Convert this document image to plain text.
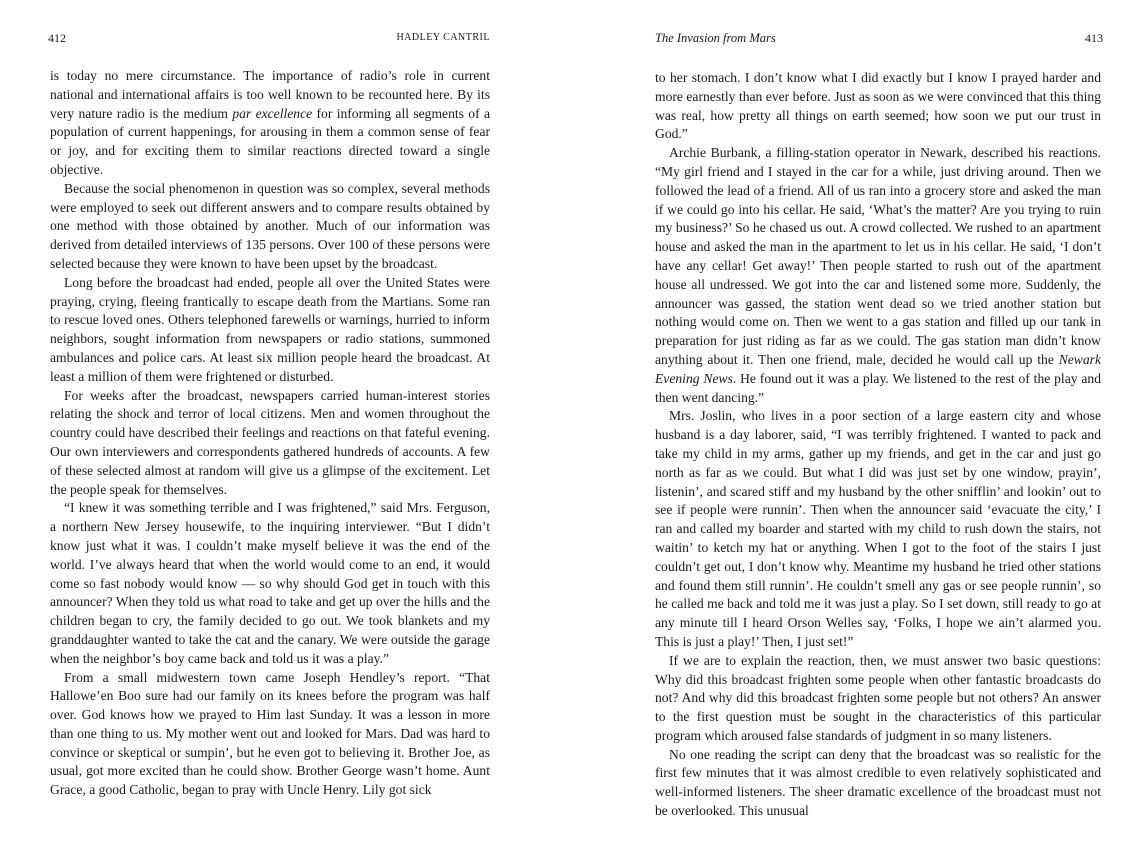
412	HADLEY CANTRIL

is today no mere circumstance. The importance of radio’s role in current national and international affairs is too well known to be recounted here. By its very nature radio is the medium par excellence for informing all segments of a population of current happenings, for arousing in them a common sense of fear or joy, and for exciting them to similar reactions directed toward a single objective.

Because the social phenomenon in question was so complex, several methods were employed to seek out different answers and to compare results obtained by one method with those obtained by another. Much of our information was derived from detailed interviews of 135 persons. Over 100 of these persons were selected because they were known to have been upset by the broadcast.

Long before the broadcast had ended, people all over the United States were praying, crying, fleeing frantically to escape death from the Martians. Some ran to rescue loved ones. Others telephoned farewells or warnings, hurried to inform neighbors, sought information from newspapers or radio stations, summoned ambulances and police cars. At least six million people heard the broadcast. At least a million of them were frightened or disturbed.

For weeks after the broadcast, newspapers carried human-interest stories relating the shock and terror of local citizens. Men and women throughout the country could have described their feelings and reactions on that fateful evening. Our own interviewers and correspondents gathered hundreds of accounts. A few of these selected almost at random will give us a glimpse of the excitement. Let the people speak for themselves.

“I knew it was something terrible and I was frightened,” said Mrs. Ferguson, a northern New Jersey housewife, to the inquiring interviewer. “But I didn’t know just what it was. I couldn’t make myself believe it was the end of the world. I’ve always heard that when the world would come to an end, it would come so fast nobody would know — so why should God get in touch with this announcer? When they told us what road to take and get up over the hills and the children began to cry, the family decided to go out. We took blankets and my granddaughter wanted to take the cat and the canary. We were outside the garage when the neighbor’s boy came back and told us it was a play.”

From a small midwestern town came Joseph Hendley’s report. “That Hallowe’en Boo sure had our family on its knees before the program was half over. God knows how we prayed to Him last Sunday. It was a lesson in more than one thing to us. My mother went out and looked for Mars. Dad was hard to convince or skeptical or sumpin’, but he even got to believing it. Brother Joe, as usual, got more excited than he could show. Brother George wasn’t home. Aunt Grace, a good Catholic, began to pray with Uncle Henry. Lily got sick

The Invasion from Mars	413

to her stomach. I don’t know what I did exactly but I know I prayed harder and more earnestly than ever before. Just as soon as we were convinced that this thing was real, how pretty all things on earth seemed; how soon we put our trust in God.”

Archie Burbank, a filling-station operator in Newark, described his reactions. “My girl friend and I stayed in the car for a while, just driving around. Then we followed the lead of a friend. All of us ran into a grocery store and asked the man if we could go into his cellar. He said, ‘What’s the matter? Are you trying to ruin my business?’ So he chased us out. A crowd collected. We rushed to an apartment house and asked the man in the apartment to let us in his cellar. He said, ‘I don’t have any cellar! Get away!’ Then people started to rush out of the apartment house all undressed. We got into the car and listened some more. Suddenly, the announcer was gassed, the station went dead so we tried another station but nothing would come on. Then we went to a gas station and filled up our tank in preparation for just riding as far as we could. The gas station man didn’t know anything about it. Then one friend, male, decided he would call up the Newark Evening News. He found out it was a play. We listened to the rest of the play and then went dancing.”

Mrs. Joslin, who lives in a poor section of a large eastern city and whose husband is a day laborer, said, “I was terribly frightened. I wanted to pack and take my child in my arms, gather up my friends, and get in the car and just go north as far as we could. But what I did was just set by one window, prayin’, listenin’, and scared stiff and my husband by the other snifflin’ and lookin’ out to see if people were runnin’. Then when the announcer said ‘evacuate the city,’ I ran and called my boarder and started with my child to rush down the stairs, not waitin’ to ketch my hat or anything. When I got to the foot of the stairs I just couldn’t get out, I don’t know why. Meantime my husband he tried other stations and found them still runnin’. He couldn’t smell any gas or see people runnin’, so he called me back and told me it was just a play. So I set down, still ready to go at any minute till I heard Orson Welles say, ‘Folks, I hope we ain’t alarmed you. This is just a play!’ Then, I just set!”

If we are to explain the reaction, then, we must answer two basic questions: Why did this broadcast frighten some people when other fantastic broadcasts do not? And why did this broadcast frighten some people but not others? An answer to the first question must be sought in the characteristics of this particular program which aroused false standards of judgment in so many listeners.

No one reading the script can deny that the broadcast was so realistic for the first few minutes that it was almost credible to even relatively sophisticated and well-informed listeners. The sheer dramatic excellence of the broadcast must not be overlooked. This unusual
